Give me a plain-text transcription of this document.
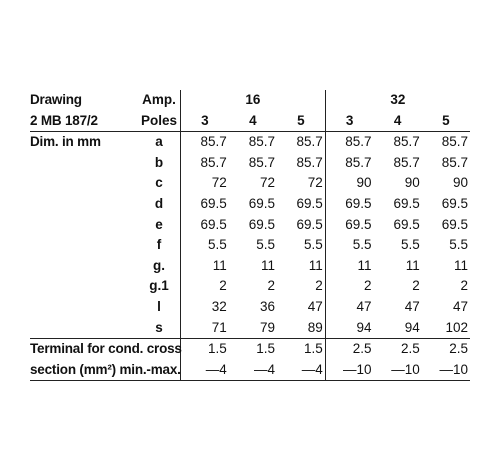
Drawing	Amp.	16			32		
2 MB 187/2	Poles	3	4	5	3	4	5
Dim. in mm	a	85.7	85.7	85.7	85.7	85.7	85.7
	b	85.7	85.7	85.7	85.7	85.7	85.7
	c	72	72	72	90	90	90
	d	69.5	69.5	69.5	69.5	69.5	69.5
	e	69.5	69.5	69.5	69.5	69.5	69.5
	f	5.5	5.5	5.5	5.5	5.5	5.5
	g.	11	11	11	11	11	11
	g.1	2	2	2	2	2	2
	l	32	36	47	47	47	47
	s	71	79	89	94	94	102
Terminal for cond. cross		1.5	1.5	1.5	2.5	2.5	2.5
section (mm²) min.-max.		—4	—4	—4	—10	—10	—10
